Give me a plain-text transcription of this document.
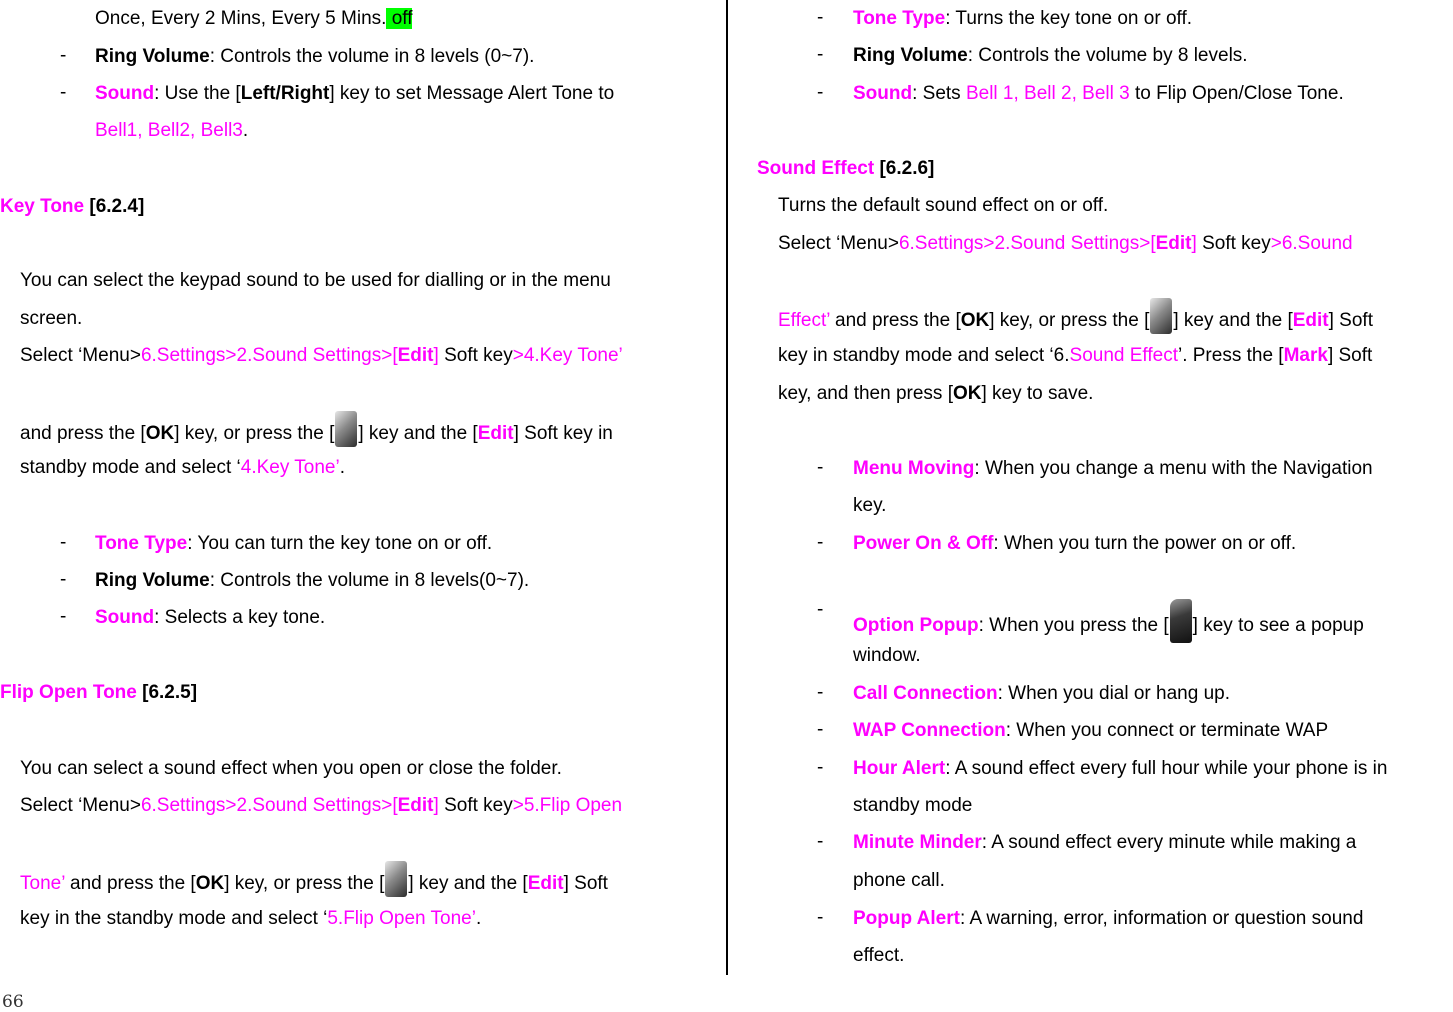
Once, Every 2 Mins, Every 5 Mins. off
- Ring Volume: Controls the volume in 8 levels (0~7).
- Sound: Use the [Left/Right] key to set Message Alert Tone to
Bell1, Bell2, Bell3.
Key Tone [6.2.4]
You can select the keypad sound to be used for dialling or in the menu
screen.
Select ‘Menu>6.Settings>2.Sound Settings>[Edit] Soft key>4.Key Tone’
and press the [OK] key, or press the [ ] key and the [Edit] Soft key in
standby mode and select ‘4.Key Tone’.
- Tone Type: You can turn the key tone on or off.
- Ring Volume: Controls the volume in 8 levels(0~7).
- Sound: Selects a key tone.
Flip Open Tone [6.2.5]
You can select a sound effect when you open or close the folder.
Select ‘Menu>6.Settings>2.Sound Settings>[Edit] Soft key>5.Flip Open
Tone’ and press the [OK] key, or press the [ ] key and the [Edit] Soft
key in the standby mode and select ‘5.Flip Open Tone’.
66
- Tone Type: Turns the key tone on or off.
- Ring Volume: Controls the volume by 8 levels.
- Sound: Sets Bell 1, Bell 2, Bell 3 to Flip Open/Close Tone.
Sound Effect [6.2.6]
Turns the default sound effect on or off.
Select ‘Menu>6.Settings>2.Sound Settings>[Edit] Soft key>6.Sound
Effect’ and press the [OK] key, or press the [ ] key and the [Edit] Soft
key in standby mode and select ‘6.Sound Effect’. Press the [Mark] Soft
key, and then press [OK] key to save.
- Menu Moving: When you change a menu with the Navigation
key.
- Power On & Off: When you turn the power on or off.
-
Option Popup: When you press the [ ] key to see a popup
window.
- Call Connection: When you dial or hang up.
- WAP Connection: When you connect or terminate WAP
- Hour Alert: A sound effect every full hour while your phone is in
standby mode
- Minute Minder: A sound effect every minute while making a
phone call.
- Popup Alert: A warning, error, information or question sound
effect.
